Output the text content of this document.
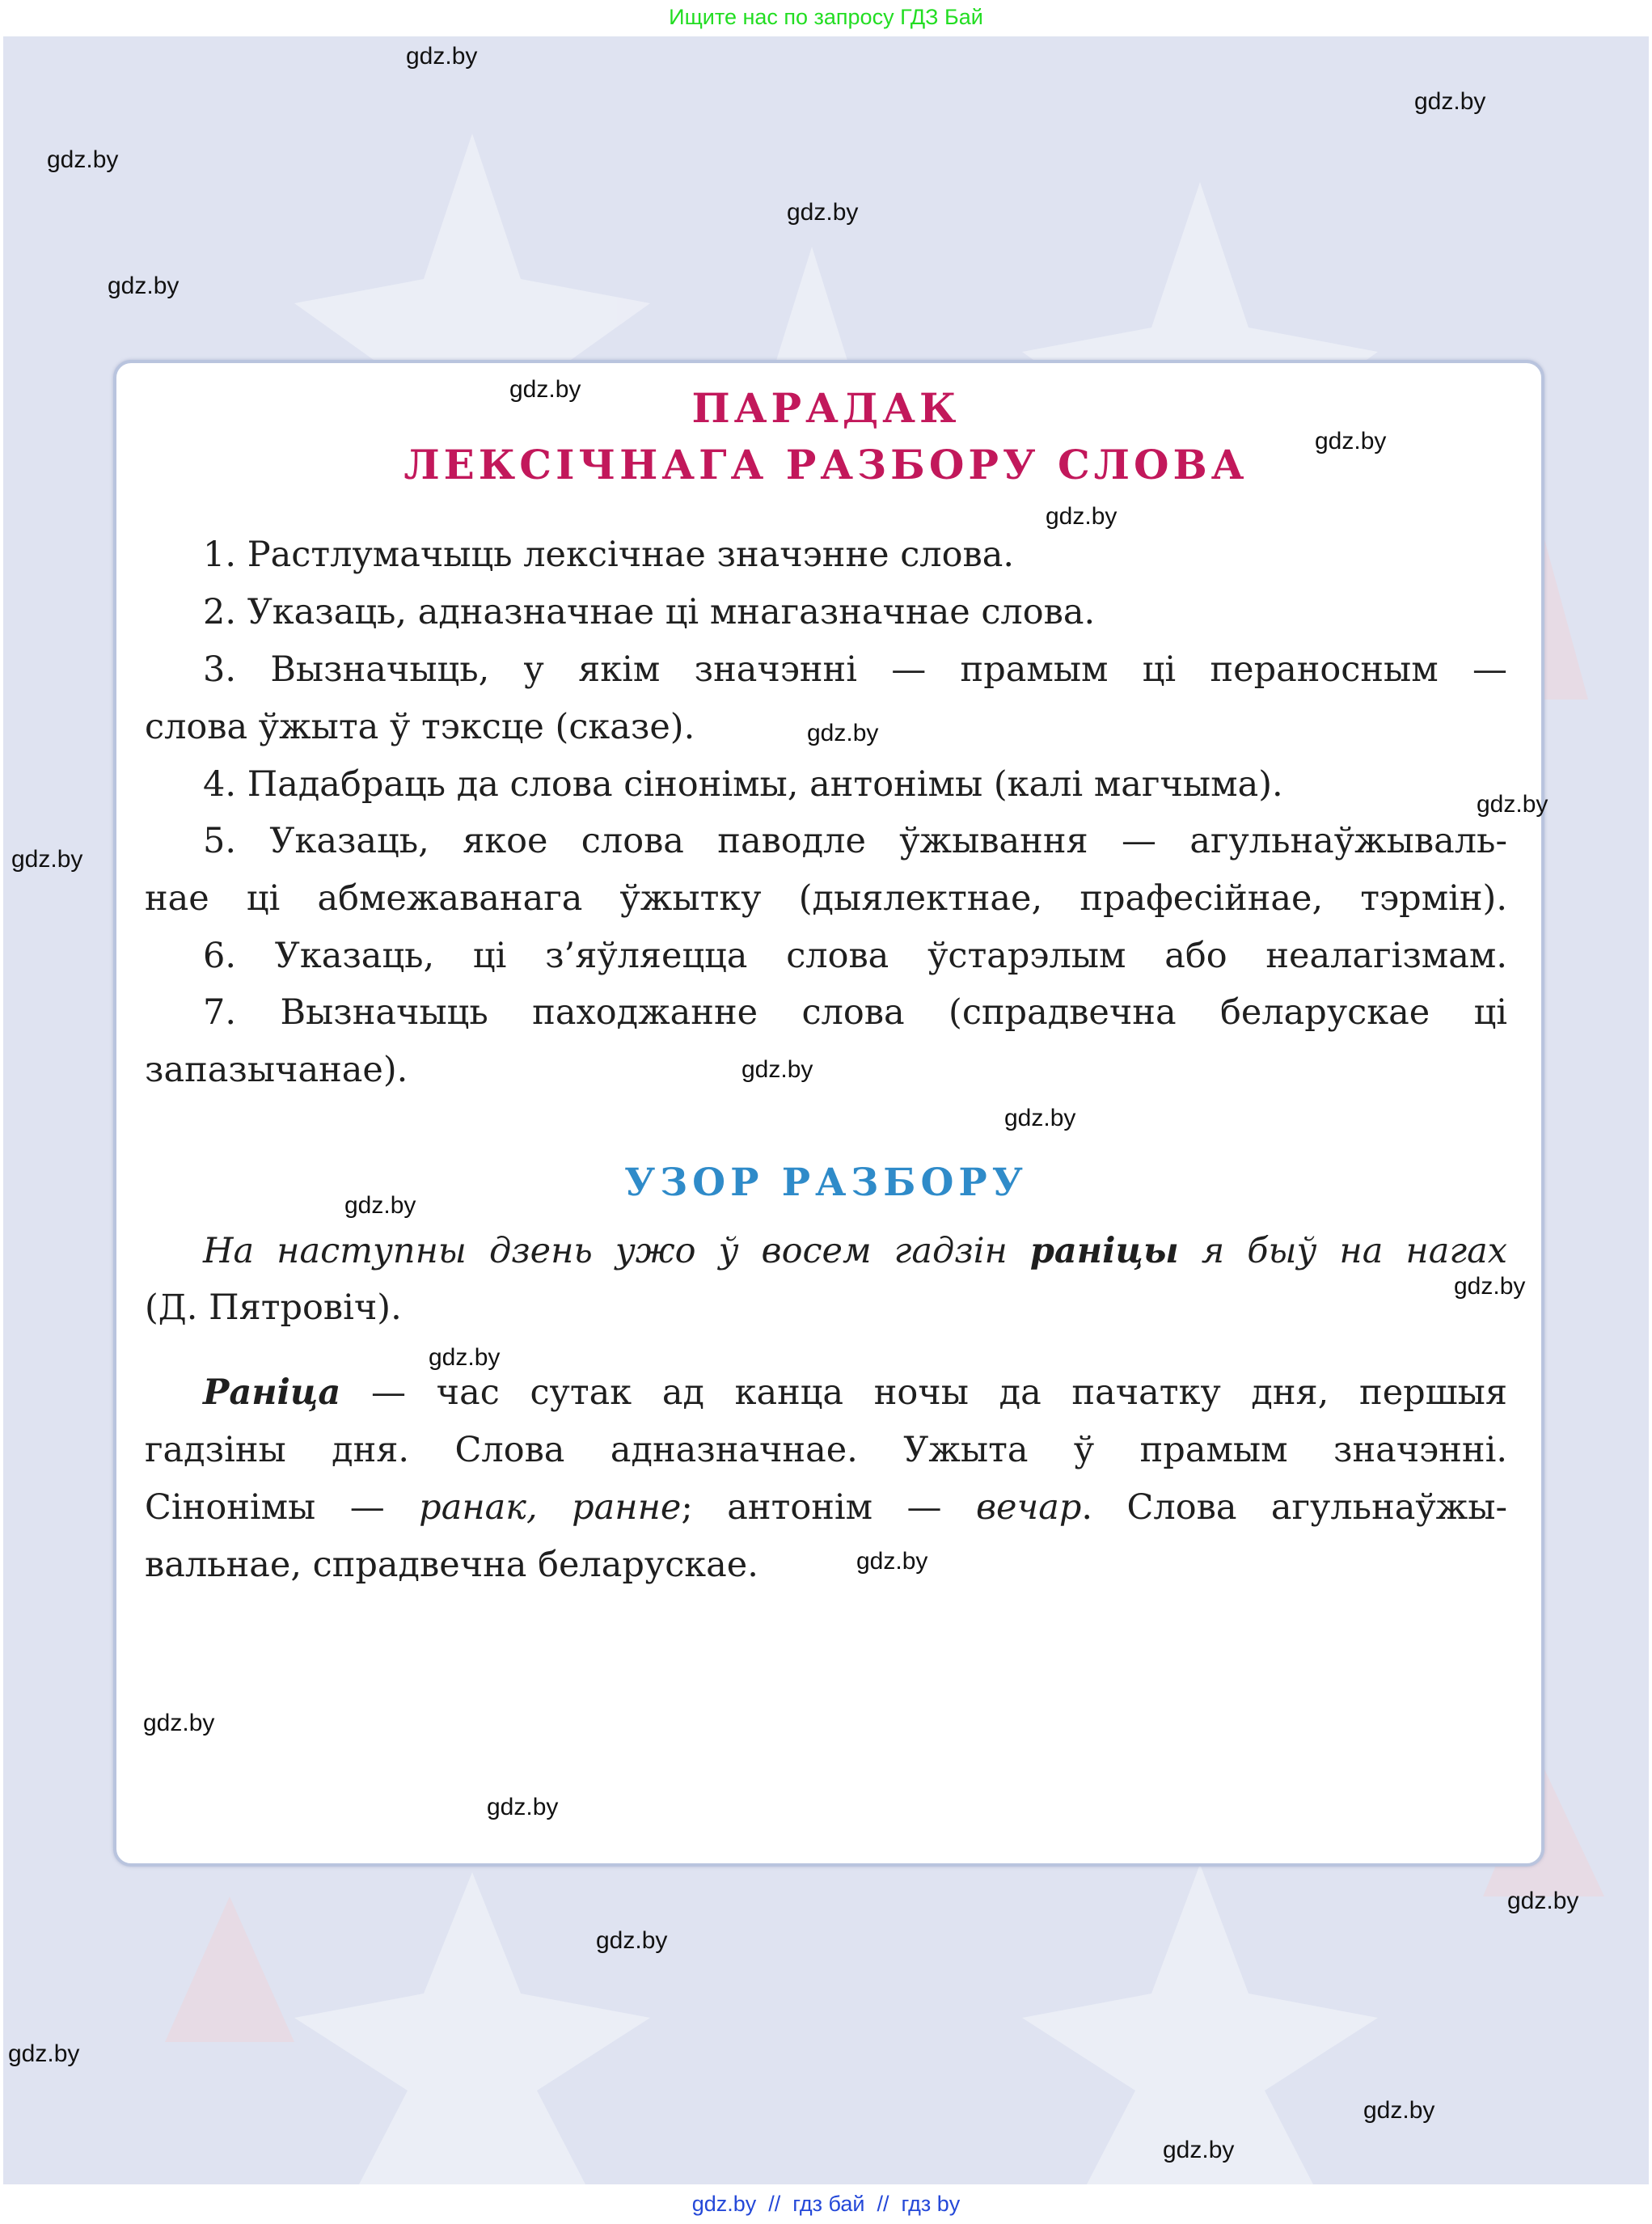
Ищите нас по запросу ГДЗ Бай
ПАРАДАК
ЛЕКСІЧНАГА РАЗБОРУ СЛОВА
1. Растлумачыць лексічнае значэнне слова.
2. Указаць, адназначнае ці мнагазначнае слова.
3. Вызначыць, у якім значэнні — прамым ці пераносным —
слова ўжыта ў тэксце (сказе).
4. Падабраць да слова сінонімы, антонімы (калі магчыма).
5. Указаць, якое слова паводле ўжывання — агульнаўжываль-
нае ці абмежаванага ўжытку (дыялектнае, прафесійнае, тэрмін).
6. Указаць, ці з’яўляецца слова ўстарэлым або неалагізмам.
7. Вызначыць паходжанне слова (спрадвечна беларускае ці
запазычанае).
УЗОР РАЗБОРУ
На наступны дзень ужо ў восем гадзін раніцы я быў на нагах
(Д. Пятровіч).
Раніца — час сутак ад канца ночы да пачатку дня, першыя
гадзіны дня. Слова адназначнае. Ужыта ў прамым значэнні.
Сінонімы — ранак, ранне; антонім — вечар. Слова агульнаўжы-
вальнае, спрадвечна беларускае.
gdz.by
gdz.by
gdz.by
gdz.by
gdz.by
gdz.by
gdz.by
gdz.by
gdz.by
gdz.by
gdz.by
gdz.by
gdz.by
gdz.by
gdz.by
gdz.by
gdz.by
gdz.by
gdz.by
gdz.by
gdz.by
gdz.by
gdz.by
gdz.by
gdz.by  //  гдз бай  //  гдз by
